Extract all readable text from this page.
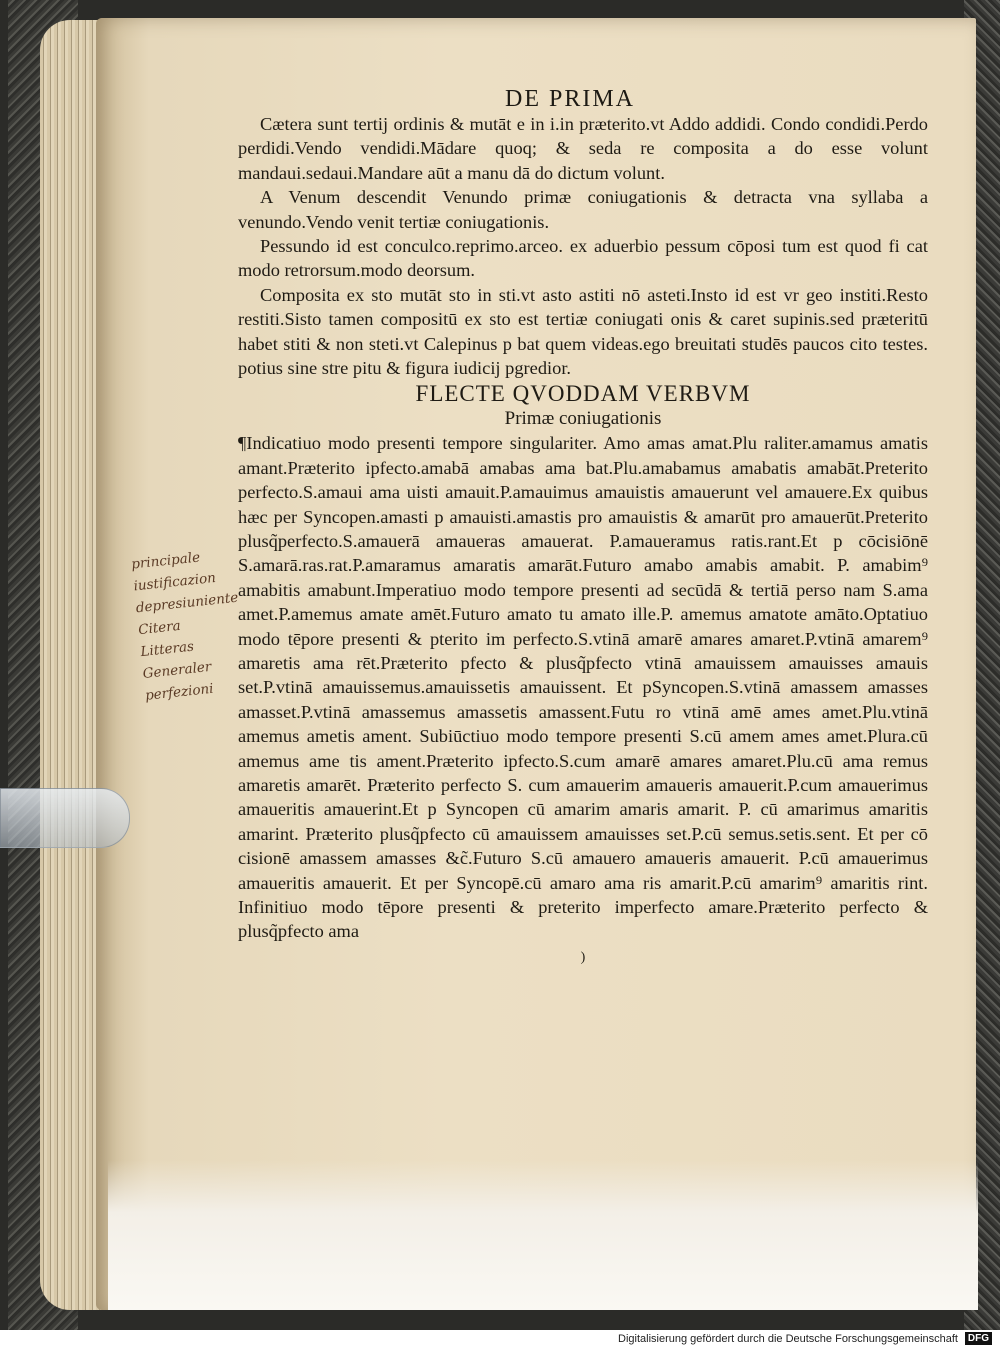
DE PRIMA

Cætera sunt tertij ordinis & mutāt e in i.in præterito.vt Addo addidi. Condo condidi.Perdo perdidi.Vendo vendidi.Mādare quoq; & seda re composita a do esse volunt mandaui.sedaui.Mandare aūt a manu dā do dictum volunt.

A Venum descendit Venundo primæ coniugationis & detracta vna syllaba a venundo.Vendo venit tertiæ coniugationis.

Pessundo id est conculco.reprimo.arceo. ex aduerbio pessum cōposi tum est quod fi cat modo retrorsum.modo deorsum.

Composita ex sto mutāt sto in sti.vt asto astiti nō asteti.Insto id est vr geo institi.Resto restiti.Sisto tamen compositū ex sto est tertiæ coniugati onis & caret supinis.sed præteritū habet stiti & non steti.vt Calepinus p bat quem videas.ego breuitati studēs paucos cito testes. potius sine stre pitu & figura iudicij pgredior.

FLECTE QVODDAM VERBVM

Primæ coniugationis

¶Indicatiuo modo presenti tempore singulariter. Amo amas amat.Plu raliter.amamus amatis amant.Præterito ipfecto.amabā amabas ama bat.Plu.amabamus amabatis amabāt.Preterito perfecto.S.amaui ama uisti amauit.P.amauimus amauistis amauerunt vel amauere.Ex quibus hæc per Syncopen.amasti p amauisti.amastis pro amauistis & amarūt pro amauerūt.Preterito plusq̃perfecto.S.amauerā amaueras amauerat. P.amaueramus ratis.rant.Et p cōcisiōnē S.amarā.ras.rat.P.amaramus amaratis amarāt.Futuro amabo amabis amabit. P. amabim⁹ amabitis amabunt.Imperatiuo modo tempore presenti ad secūdā & tertiā perso nam S.ama amet.P.amemus amate amēt.Futuro amato tu amato ille.P. amemus amatote amāto.Optatiuo modo tēpore presenti & pterito im perfecto.S.vtinā amarē amares amaret.P.vtinā amarem⁹ amaretis ama rēt.Præterito pfecto & plusq̃pfecto vtinā amauissem amauisses amauis set.P.vtinā amauissemus.amauissetis amauissent. Et pSyncopen.S.vtinā amassem amasses amasset.P.vtinā amassemus amassetis amassent.Futu ro vtinā amē ames amet.Plu.vtinā amemus ametis ament. Subiūctiuo modo tempore presenti S.cū amem ames amet.Plura.cū amemus ame tis ament.Præterito ipfecto.S.cum amarē amares amaret.Plu.cū ama remus amaretis amarēt. Præterito perfecto S. cum amauerim amaueris amauerit.P.cum amauerimus amaueritis amauerint.Et p Syncopen cū amarim amaris amarit. P. cū amarimus amaritis amarint. Præterito plusq̃pfecto cū amauissem amauisses set.P.cū semus.setis.sent. Et per cō cisionē amassem amasses &c̃.Futuro S.cū amauero amaueris amauerit. P.cū amauerimus amaueritis amauerit. Et per Syncopē.cū amaro ama ris amarit.P.cū amarim⁹ amaritis rint. Infinitiuo modo tēpore presenti & preterito imperfecto amare.Præterito perfecto & plusq̃pfecto ama

)

principale
iustificazion
depresiuniente
Citera
Litteras
Generaler
perfezioni
Digitalisierung gefördert durch die Deutsche Forschungsgemeinschaft DFG
